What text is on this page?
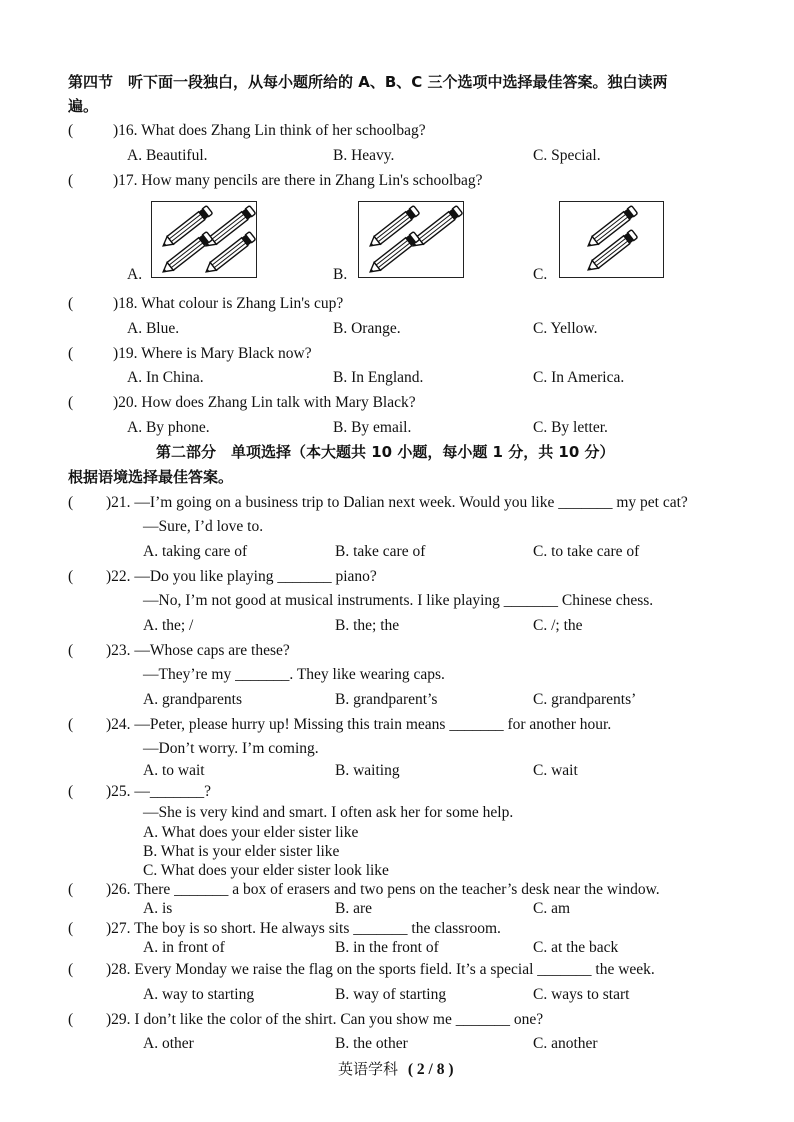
第四节　听下面一段独白，从每小题所给的 A、B、C 三个选项中选择最佳答案。独白读两
遍。
(	)16. What does Zhang Lin think of her schoolbag?
A. Beautiful.	B. Heavy.	C. Special.
(	)17. How many pencils are there in Zhang Lin's schoolbag?
A.	B.	C.
(	)18. What colour is Zhang Lin's cup?
A. Blue.	B. Orange.	C. Yellow.
(	)19. Where is Mary Black now?
A. In China.	B. In England.	C. In America.
(	)20. How does Zhang Lin talk with Mary Black?
A. By phone.	B. By email.	C. By letter.
第二部分　单项选择（本大题共 10 小题，每小题 1 分，共 10 分）
根据语境选择最佳答案。
( )21. —I’m going on a business trip to Dalian next week. Would you like _______ my pet cat?
—Sure, I’d love to.
A. taking care of	B. take care of	C. to take care of
( )22. —Do you like playing _______ piano?
—No, I’m not good at musical instruments. I like playing _______ Chinese chess.
A. the; /	B. the; the	C. /; the
( )23. —Whose caps are these?
—They’re my _______. They like wearing caps.
A. grandparents	B. grandparent’s	C. grandparents’
( )24. —Peter, please hurry up! Missing this train means _______ for another hour.
—Don’t worry. I’m coming.
A. to wait	B. waiting	C. wait
( )25. —_______?
—She is very kind and smart. I often ask her for some help.
A. What does your elder sister like
B. What is your elder sister like
C. What does your elder sister look like
( )26. There _______ a box of erasers and two pens on the teacher’s desk near the window.
A. is	B. are	C. am
( )27. The boy is so short. He always sits _______ the classroom.
A. in front of	B. in the front of	C. at the back
( )28. Every Monday we raise the flag on the sports field. It’s a special _______ the week.
A. way to starting	B. way of starting	C. ways to start
( )29. I don’t like the color of the shirt. Can you show me _______ one?
A. other	B. the other	C. another
英语学科 ( 2 / 8 )
